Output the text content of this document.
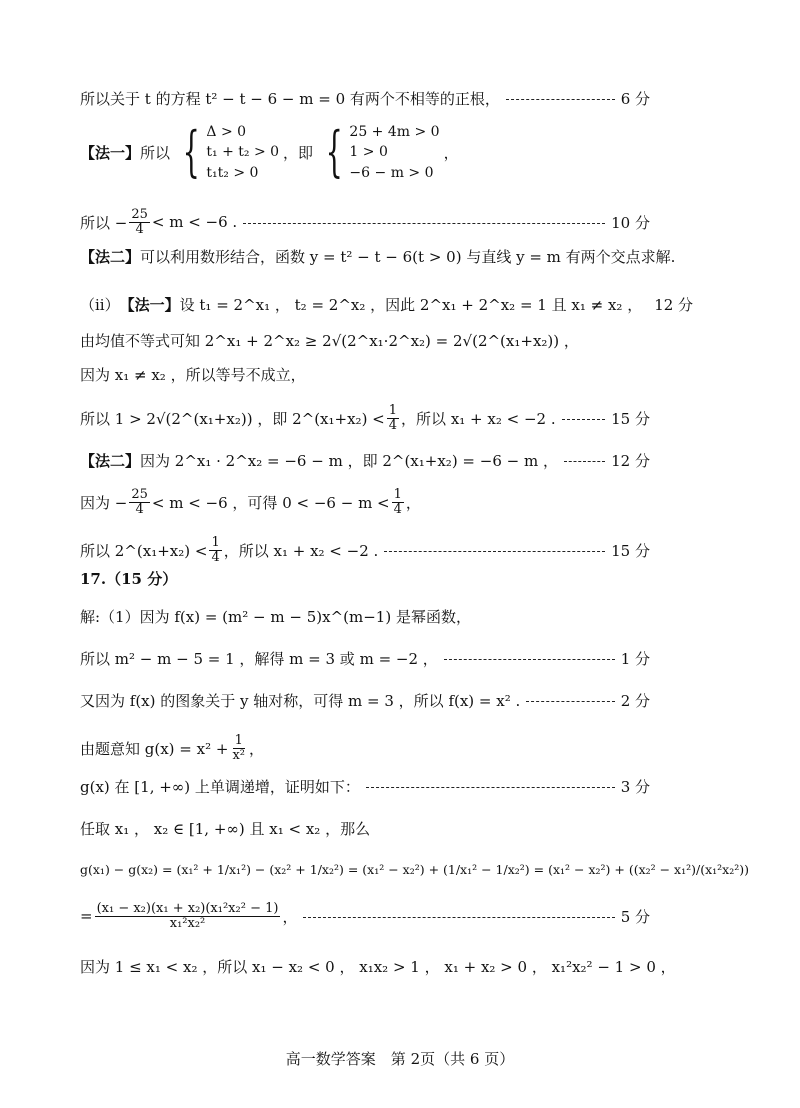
所以关于 t 的方程 t² − t − 6 − m = 0 有两个不相等的正根，	6 分
【法一】 所以 { Δ > 0
t₁ + t₂ > 0
t₁t₂ > 0
，即 { 25 + 4m > 0
1 > 0
−6 − m > 0
，
所以 − $\frac{25}{4} < m < -6$ .	10 分
【法二】 可以利用数形结合，函数 y = t² − t − 6(t > 0) 与直线 y = m 有两个交点求解.
（ii） 【法一】 设 t₁ = 2^x₁ ， t₂ = 2^x₂ ，因此 2^x₁ + 2^x₂ = 1 且 x₁ ≠ x₂ ， 12 分
由均值不等式可知 2^x₁ + 2^x₂ ≥ 2√(2^x₁·2^x₂) = 2√(2^(x₁+x₂)) ，
因为 x₁ ≠ x₂ ，所以等号不成立，
所以 1 > 2√(2^(x₁+x₂)) ，即 2^(x₁+x₂) < $\frac{1}{4}$ ，所以 x₁ + x₂ < −2 .	15 分
【法二】 因为 2^x₁ · 2^x₂ = −6 − m ，即 2^(x₁+x₂) = −6 − m ，	12 分
因为 − $\frac{25}{4} < m < -6$ ，可得 $0 < -6 - m < \frac{1}{4}$ ，
所以 2^(x₁+x₂) < $\frac{1}{4}$ ，所以 x₁ + x₂ < −2 .	15 分
17.（15 分）
解:（1）因为 f(x) = (m² − m − 5)x^(m−1) 是幂函数，
所以 m² − m − 5 = 1 ，解得 m = 3 或 m = −2 ，	1 分
又因为 f(x) 的图象关于 y 轴对称，可得 m = 3 ，所以 f(x) = x² .	2 分
由题意知 $g(x) = x^2 + \frac{1}{\text{x²}}$ ，
g(x) 在 [1, +∞) 上单调递增，证明如下：	3 分
任取 x₁ ， x₂ ∈ [1, +∞) 且 x₁ < x₂ ，那么
g(x₁) − g(x₂) = (x₁² + 1/x₁²) − (x₂² + 1/x₂²) = (x₁² − x₂²) + (1/x₁² − 1/x₂²) = (x₁² − x₂²) + ((x₂² − x₁²)/(x₁²x₂²))
= $\frac{\text{(x₁ − x₂)(x₁ + x₂)(x₁²x₂² − 1)}}{\text{x₁²x₂²}}$ ，	5 分
因为 1 ≤ x₁ < x₂ ，所以 x₁ − x₂ < 0 ， x₁x₂ > 1 ， x₁ + x₂ > 0 ， x₁²x₂² − 1 > 0 ，
高一数学答案　第 2页（共 6 页）
